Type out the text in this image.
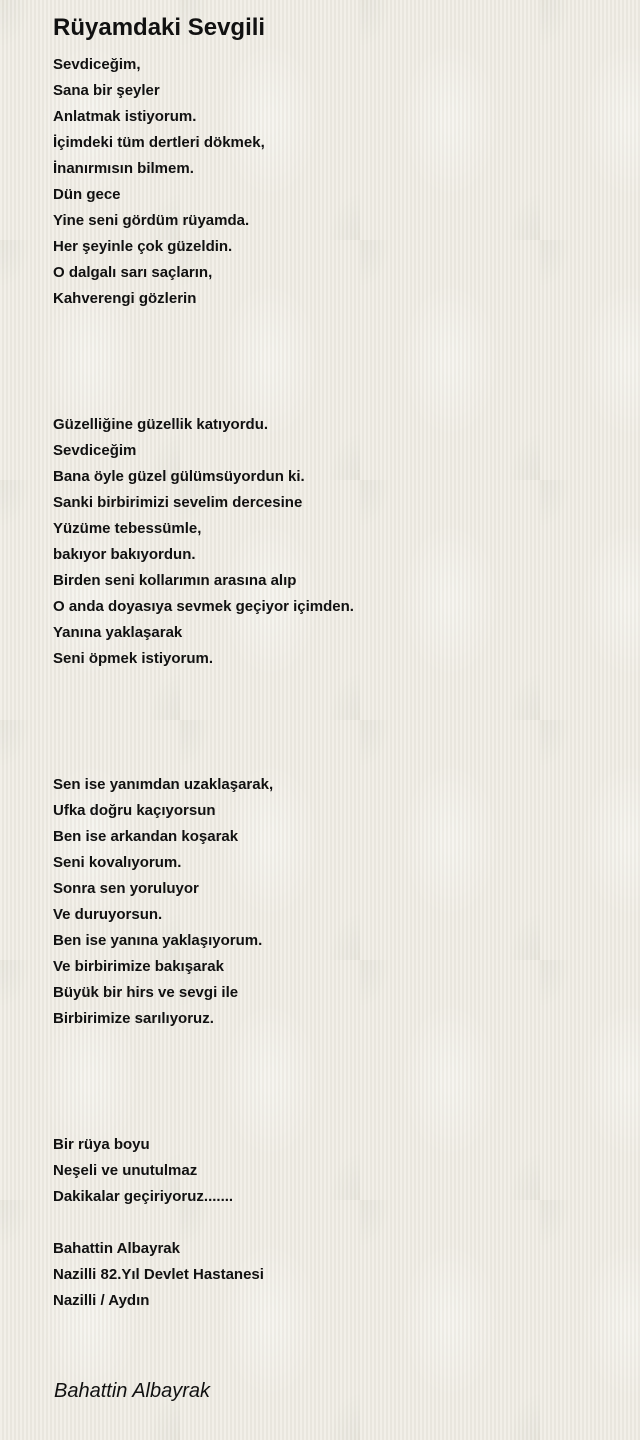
Rüyamdaki Sevgili
Sevdiceğim,
Sana bir şeyler
Anlatmak istiyorum.
İçimdeki tüm dertleri dökmek,
İnanırmısın bilmem.
Dün gece
Yine seni gördüm rüyamda.
Her şeyinle çok güzeldin.
O dalgalı sarı saçların,
Kahverengi gözlerin
Güzelliğine güzellik katıyordu.
Sevdiceğim
Bana öyle güzel gülümsüyordun ki.
Sanki birbirimizi sevelim dercesine
Yüzüme tebessümle,
bakıyor bakıyordun.
Birden seni kollarımın arasına alıp
O anda doyasıya sevmek geçiyor içimden.
Yanına yaklaşarak
Seni öpmek istiyorum.
Sen ise yanımdan uzaklaşarak,
Ufka doğru kaçıyorsun
Ben ise arkandan koşarak
Seni kovalıyorum.
Sonra sen yoruluyor
Ve duruyorsun.
Ben ise yanına yaklaşıyorum.
Ve birbirimize bakışarak
Büyük bir hirs ve sevgi ile
Birbirimize sarılıyoruz.
Bir rüya boyu
Neşeli ve unutulmaz
Dakikalar geçiriyoruz.......
Bahattin Albayrak
Nazilli 82.Yıl Devlet Hastanesi
Nazilli / Aydın
Bahattin Albayrak
